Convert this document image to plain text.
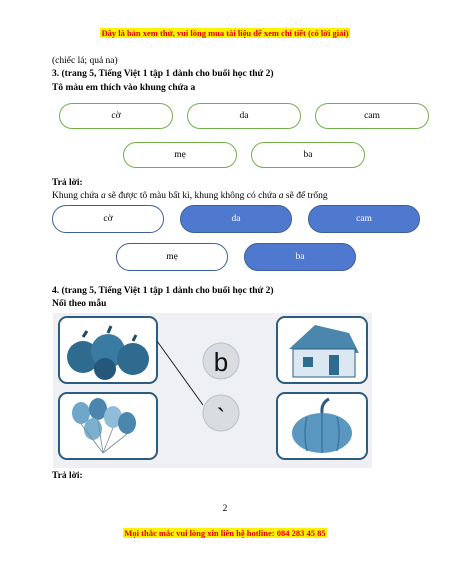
Đây là bản xem thử, vui lòng mua tài liệu để xem chi tiết (có lời giải)
(chiếc lá; quả na)
3. (trang 5, Tiếng Việt 1 tập 1 dành cho buổi học thứ 2)
Tô màu em thích vào khung chứa a
cờ	da	cam
mẹ	ba
Trả lời:
Khung chứa a sẽ được tô màu bất kì, khung không có chứa a sẽ để trống
cờ	da	cam
mẹ	ba
4. (trang 5, Tiếng Việt 1 tập 1 dành cho buổi học thứ 2)
Nối theo mẫu
b
`
Trả lời:
2
Mọi thắc mắc vui lòng xin liên hệ hotline: 084 283 45 85
